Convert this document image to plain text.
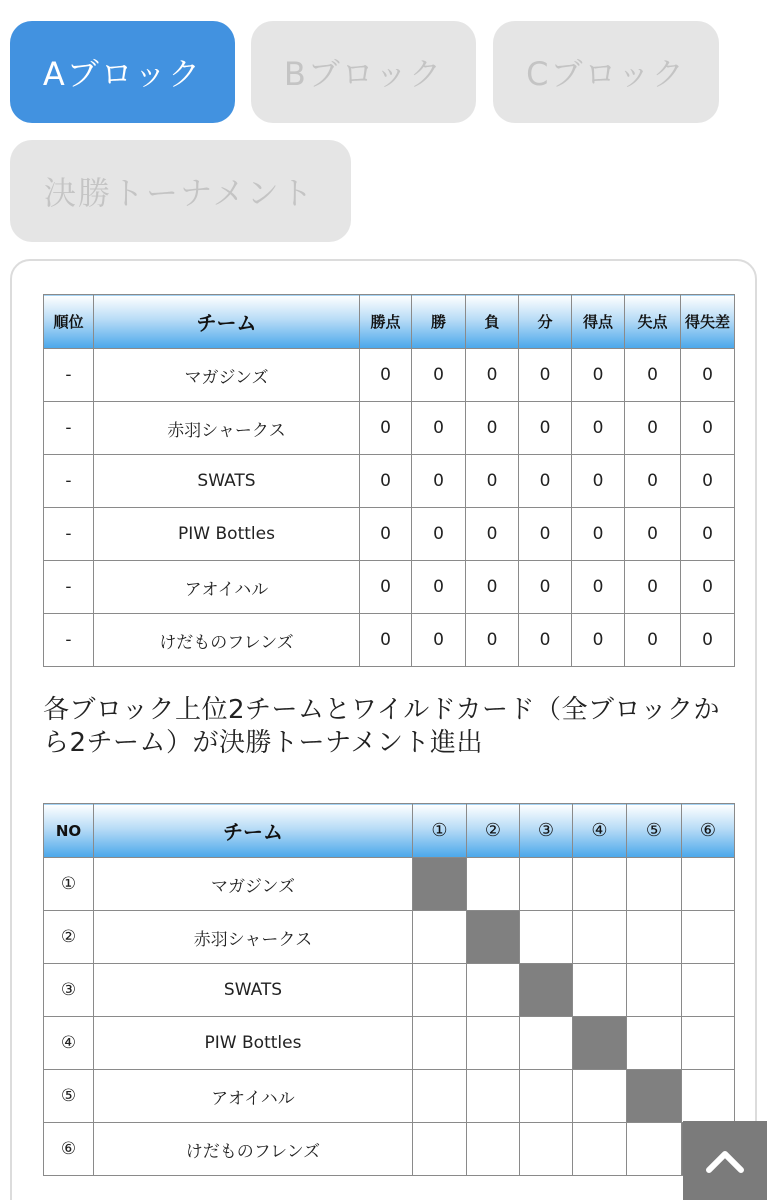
Aブロック	Bブロック	Cブロック
決勝トーナメント
順位	チーム	勝点	勝	負	分	得点	失点	得失差
-	マガジンズ	0	0	0	0	0	0	0
-	赤羽シャークス	0	0	0	0	0	0	0
-	SWATS	0	0	0	0	0	0	0
-	PIW Bottles	0	0	0	0	0	0	0
-	アオイハル	0	0	0	0	0	0	0
-	けだものフレンズ	0	0	0	0	0	0	0
各ブロック上位2チームとワイルドカード（全ブロックから2チーム）が決勝トーナメント進出
NO	チーム	①	②	③	④	⑤	⑥
①	マガジンズ						
②	赤羽シャークス						
③	SWATS						
④	PIW Bottles						
⑤	アオイハル						
⑥	けだものフレンズ						
